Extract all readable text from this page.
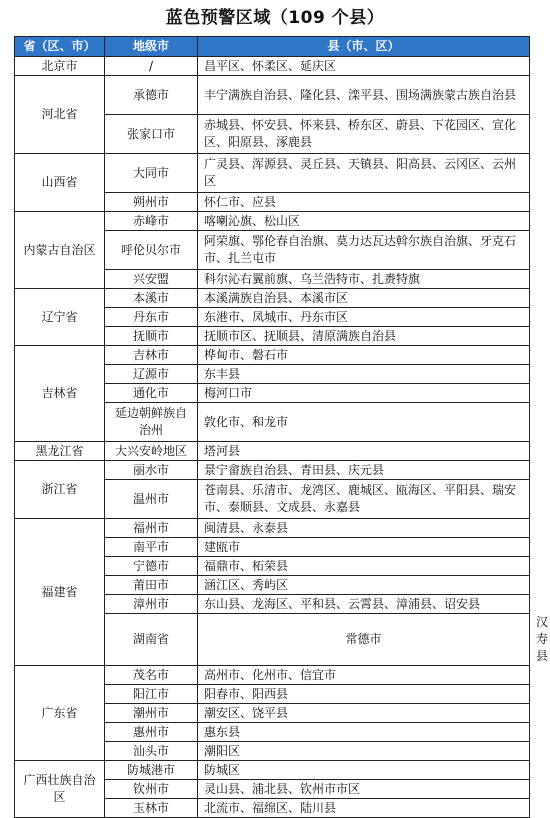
蓝色预警区域（109 个县）
省（区、市）	地级市	县（市、区）	
北京市	/	昌平区、怀柔区、延庆区	
河北省	承德市	丰宁满族自治县、隆化县、滦平县、围场满族蒙古族自治县	
	张家口市	赤城县、怀安县、怀来县、桥东区、蔚县、下花园区、宣化区、阳原县、涿鹿县	
山西省	大同市	广灵县、浑源县、灵丘县、天镇县、阳高县、云冈区、云州区	
	朔州市	怀仁市、应县	
内蒙古自治区	赤峰市	喀喇沁旗、松山区	
	呼伦贝尔市	阿荣旗、鄂伦春自治旗、莫力达瓦达斡尔族自治旗、牙克石市、扎兰屯市	
	兴安盟	科尔沁右翼前旗、乌兰浩特市、扎赉特旗	
辽宁省	本溪市	本溪满族自治县、本溪市区	
	丹东市	东港市、凤城市、丹东市区	
	抚顺市	抚顺市区、抚顺县、清原满族自治县	
吉林省	吉林市	桦甸市、磐石市	
	辽源市	东丰县	
	通化市	梅河口市	
	延边朝鲜族自治州	敦化市、和龙市	
黑龙江省	大兴安岭地区	塔河县	
浙江省	丽水市	景宁畲族自治县、青田县、庆元县	
	温州市	苍南县、乐清市、龙湾区、鹿城区、瓯海区、平阳县、瑞安市、泰顺县、文成县、永嘉县	
福建省	福州市	闽清县、永泰县	
	南平市	建瓯市	
	宁德市	福鼎市、柘荣县	
	莆田市	涵江区、秀屿区	
	漳州市	东山县、龙海区、平和县、云霄县、漳浦县、诏安县	
	湖南省	常德市	汉寿县
广东省	茂名市	高州市、化州市、信宜市	
	阳江市	阳春市、阳西县	
	潮州市	潮安区、饶平县	
	惠州市	惠东县	
	汕头市	潮阳区	
广西壮族自治区	防城港市	防城区	
	钦州市	灵山县、浦北县、钦州市市区	
	玉林市	北流市、福绵区、陆川县	
